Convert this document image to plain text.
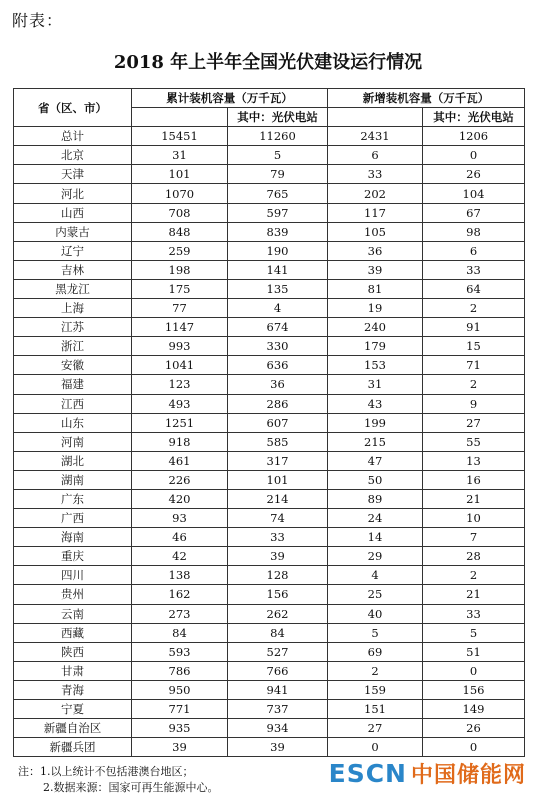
附表：
2018 年上半年全国光伏建设运行情况
省（区、市）	累计装机容量（万千瓦）		新增装机容量（万千瓦）	
		其中：光伏电站		其中：光伏电站
总计	15451	11260	2431	1206
北京	31	5	6	0
天津	101	79	33	26
河北	1070	765	202	104
山西	708	597	117	67
内蒙古	848	839	105	98
辽宁	259	190	36	6
吉林	198	141	39	33
黑龙江	175	135	81	64
上海	77	4	19	2
江苏	1147	674	240	91
浙江	993	330	179	15
安徽	1041	636	153	71
福建	123	36	31	2
江西	493	286	43	9
山东	1251	607	199	27
河南	918	585	215	55
湖北	461	317	47	13
湖南	226	101	50	16
广东	420	214	89	21
广西	93	74	24	10
海南	46	33	14	7
重庆	42	39	29	28
四川	138	128	4	2
贵州	162	156	25	21
云南	273	262	40	33
西藏	84	84	5	5
陕西	593	527	69	51
甘肃	786	766	2	0
青海	950	941	159	156
宁夏	771	737	151	149
新疆自治区	935	934	27	26
新疆兵团	39	39	0	0
注：1.以上统计不包括港澳台地区；
2.数据来源：国家可再生能源中心。	ESCN 中国储能网
